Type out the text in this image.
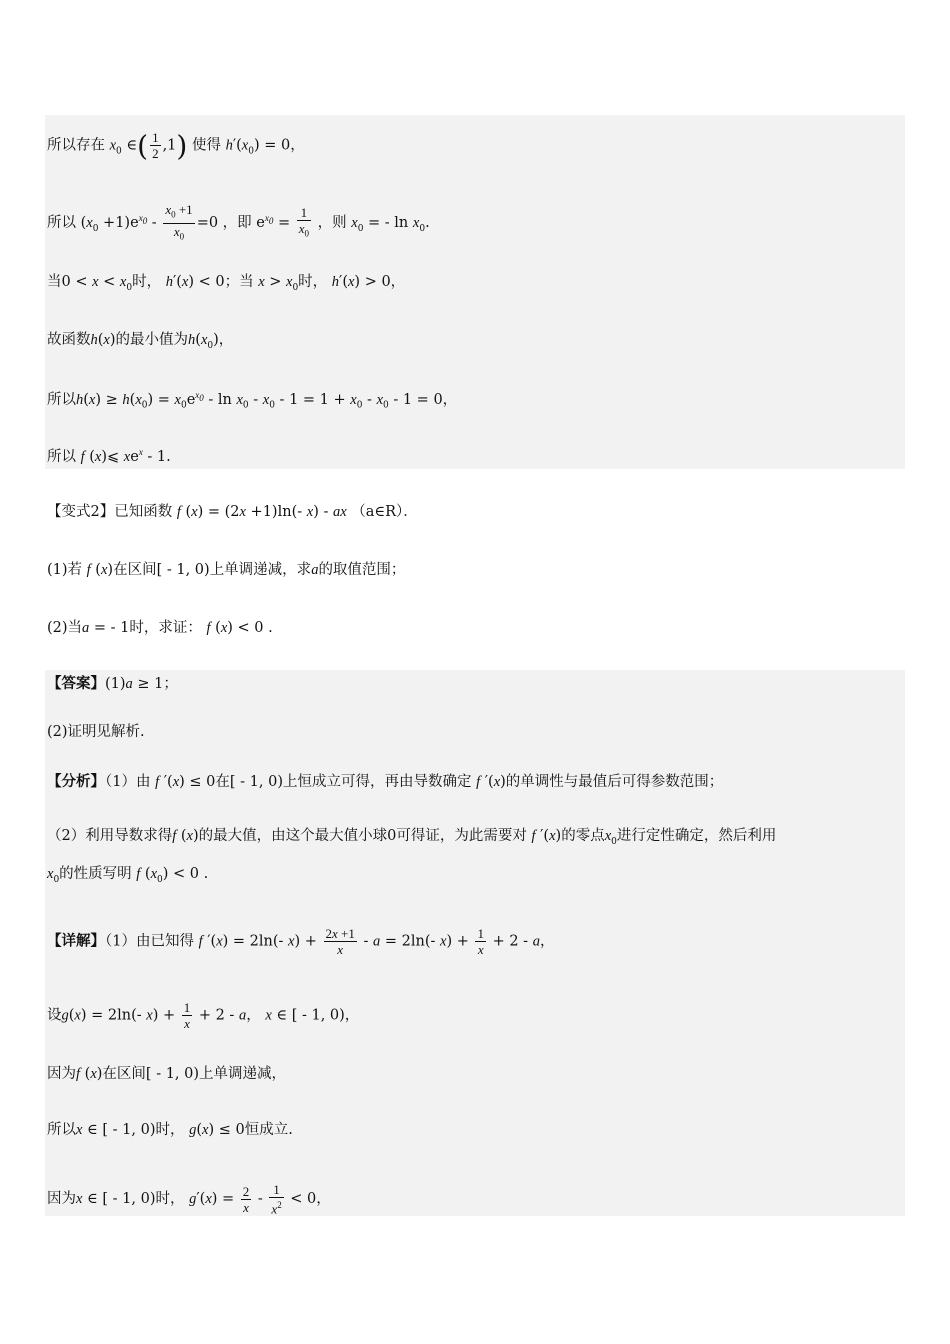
所以存在 $x_0$ ∈( $\frac{1}{2} ,1$) 使得 $h'(x_0) = 0$，
所以 $(x_0 +1)e^{x_0} - \frac{x_0 +1}{x_0} =0$ ，即 $e^{x_0} = \frac{1}{x_0}$ ，则 $x_0$ = - $\ln x_0$.
当$0 < x < x_0$时， h′(x) < 0；当 $x > x_0$时， h′(x) > 0，
故函数h(x)的最小值为$h(x_0)$，
所以$h(x) \ge h(x_0) = x_0e^{x_0} - \ln x_0 - x_0 - 1 = 1 + x_0 - x_0 - 1 = 0$，
所以 f (x)⩽ $xe^x - 1$.
【变式2】已知函数 f (x) = (2x +1)ln(- x) - ax （a∈R）．
(1)若 f (x)在区间[ - 1, 0)上单调递减，求a的取值范围；
(2)当a = - 1时，求证： f (x) < 0 .
【答案】(1)a ≥ 1；
(2)证明见解析.
【分析】（1）由 f ′(x) ≤ 0在[ - 1, 0)上恒成立可得，再由导数确定 f ′(x)的单调性与最值后可得参数范围；
（2）利用导数求得f (x)的最大值，由这个最大值小球0可得证，为此需要对 f ′(x)的零点$x_0$进行定性确定，然后利用
$x_0$的性质写明 f $(x_0) < 0$ .
【详解】（1）由已知得 f ′(x) = 2ln(- $x) + \frac{2x +1}{x} - a = 2\ln(-$ $x) + \frac{1}{x} + 2 - a$，
设g(x) = 2ln(- $x) + \frac{1}{x} + 2 - a$， x ∈ [ - 1, 0)，
因为f (x)在区间[ - 1, 0)上单调递减，
所以x ∈ [ - 1, 0)时， g(x) ≤ 0恒成立.
因为x ∈ [ - 1, 0)时， $g'(x) = \frac{2}{x} - \frac{1}{x^2} < 0$，
